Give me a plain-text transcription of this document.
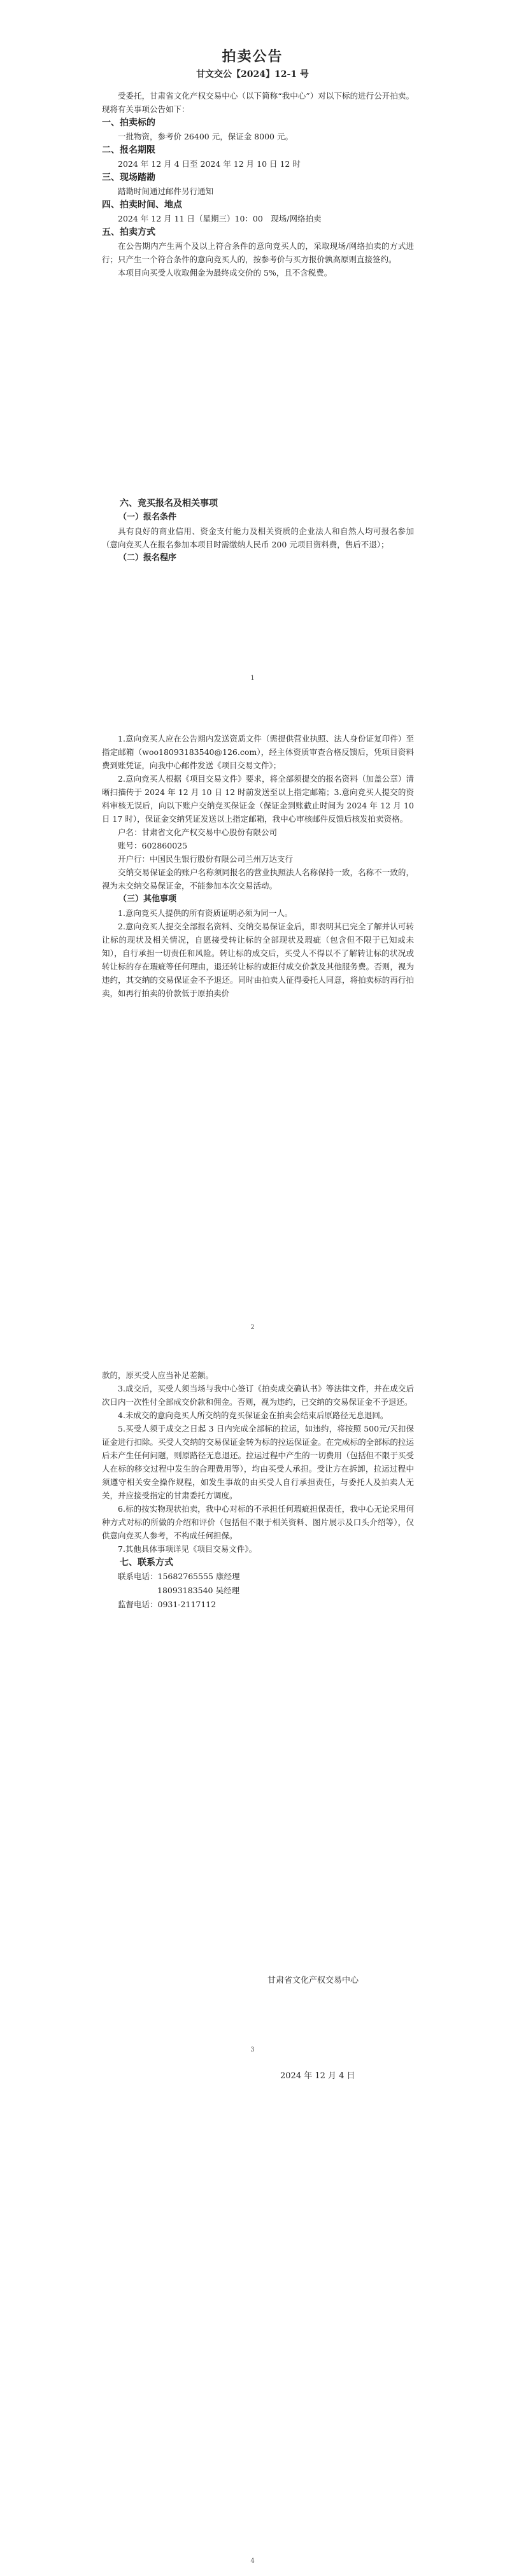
拍卖公告
甘文交公【2024】12-1 号

受委托，甘肃省文化产权交易中心（以下简称“我中心”）对以下标的进行公开拍卖。现将有关事项公告如下：

一、拍卖标的

一批物资，参考价 26400 元，保证金 8000 元。

二、报名期限

2024 年 12 月 4 日至 2024 年 12 月 10 日 12 时

三、现场踏勘

踏勘时间通过邮件另行通知

四、拍卖时间、地点

2024 年 12 月 11 日（星期三）10：00　现场/网络拍卖

五、拍卖方式

在公告期内产生两个及以上符合条件的意向竞买人的，采取现场/网络拍卖的方式进行；只产生一个符合条件的意向竞买人的，按参考价与买方报价孰高原则直接签约。

本项目向买受人收取佣金为最终成交价的 5%，且不含税费。

六、竞买报名及相关事项

（一）报名条件

具有良好的商业信用、资金支付能力及相关资质的企业法人和自然人均可报名参加（意向竞买人在报名参加本项目时需缴纳人民币 200 元项目资料费，售后不退）；

（二）报名程序

1

1.意向竞买人应在公告期内发送资质文件（需提供营业执照、法人身份证复印件）至指定邮箱（woo18093183540@126.com），经主体资质审查合格反馈后，凭项目资料费到账凭证，向我中心邮件发送《项目交易文件》；

2.意向竞买人根据《项目交易文件》要求，将全部须提交的报名资料（加盖公章）清晰扫描传于 2024 年 12 月 10 日 12 时前发送至以上指定邮箱；3.意向竞买人提交的资料审核无误后，向以下账户交纳竞买保证金（保证金到账截止时间为 2024 年 12 月 10 日 17 时），保证金交纳凭证发送以上指定邮箱，我中心审核邮件反馈后核发拍卖资格。

户名：甘肃省文化产权交易中心股份有限公司

账号：602860025

开户行：中国民生银行股份有限公司兰州万达支行

交纳交易保证金的账户名称须同报名的营业执照法人名称保持一致，名称不一致的，视为未交纳交易保证金，不能参加本次交易活动。

（三）其他事项

1.意向竞买人提供的所有资质证明必须为同一人。

2.意向竞买人提交全部报名资料、交纳交易保证金后，即表明其已完全了解并认可转让标的现状及相关情况，自愿接受转让标的全部现状及瑕疵（包含但不限于已知或未知），自行承担一切责任和风险。转让标的成交后，买受人不得以不了解转让标的状况或转让标的存在瑕疵等任何理由，退还转让标的或拒付成交价款及其他服务费。否则，视为违约，其交纳的交易保证金不予退还。同时由拍卖人征得委托人同意，将拍卖标的再行拍卖，如再行拍卖的价款低于原拍卖价

2

款的，原买受人应当补足差额。

3.成交后，买受人须当场与我中心签订《拍卖成交确认书》等法律文件，并在成交后次日内一次性付全部成交价款和佣金。否则，视为违约，已交纳的交易保证金不予退还。

4.未成交的意向竞买人所交纳的竞买保证金在拍卖会结束后原路径无息退回。

5.买受人须于成交之日起 3 日内完成全部标的拉运，如违约，将按照 500元/天扣保证金进行扣除。买受人交纳的交易保证金转为标的拉运保证金。在完成标的全部标的拉运后未产生任何问题，则原路径无息退还。拉运过程中产生的一切费用（包括但不限于买受人在标的移交过程中发生的合理费用等），均由买受人承担。受让方在拆卸，拉运过程中须遵守相关安全操作规程，如发生事故的由买受人自行承担责任，与委托人及拍卖人无关，并应接受指定的甘肃委托方调度。

6.标的按实物现状拍卖，我中心对标的不承担任何瑕疵担保责任，我中心无论采用何种方式对标的所做的介绍和评价（包括但不限于相关资料、图片展示及口头介绍等），仅供意向竞买人参考，不构成任何担保。

7.其他具体事项详见《项目交易文件》。

七、联系方式

联系电话：15682765555 康经理

18093183540 吴经理

监督电话：0931-2117112

甘肃省文化产权交易中心
3
2024 年 12 月 4 日
4
